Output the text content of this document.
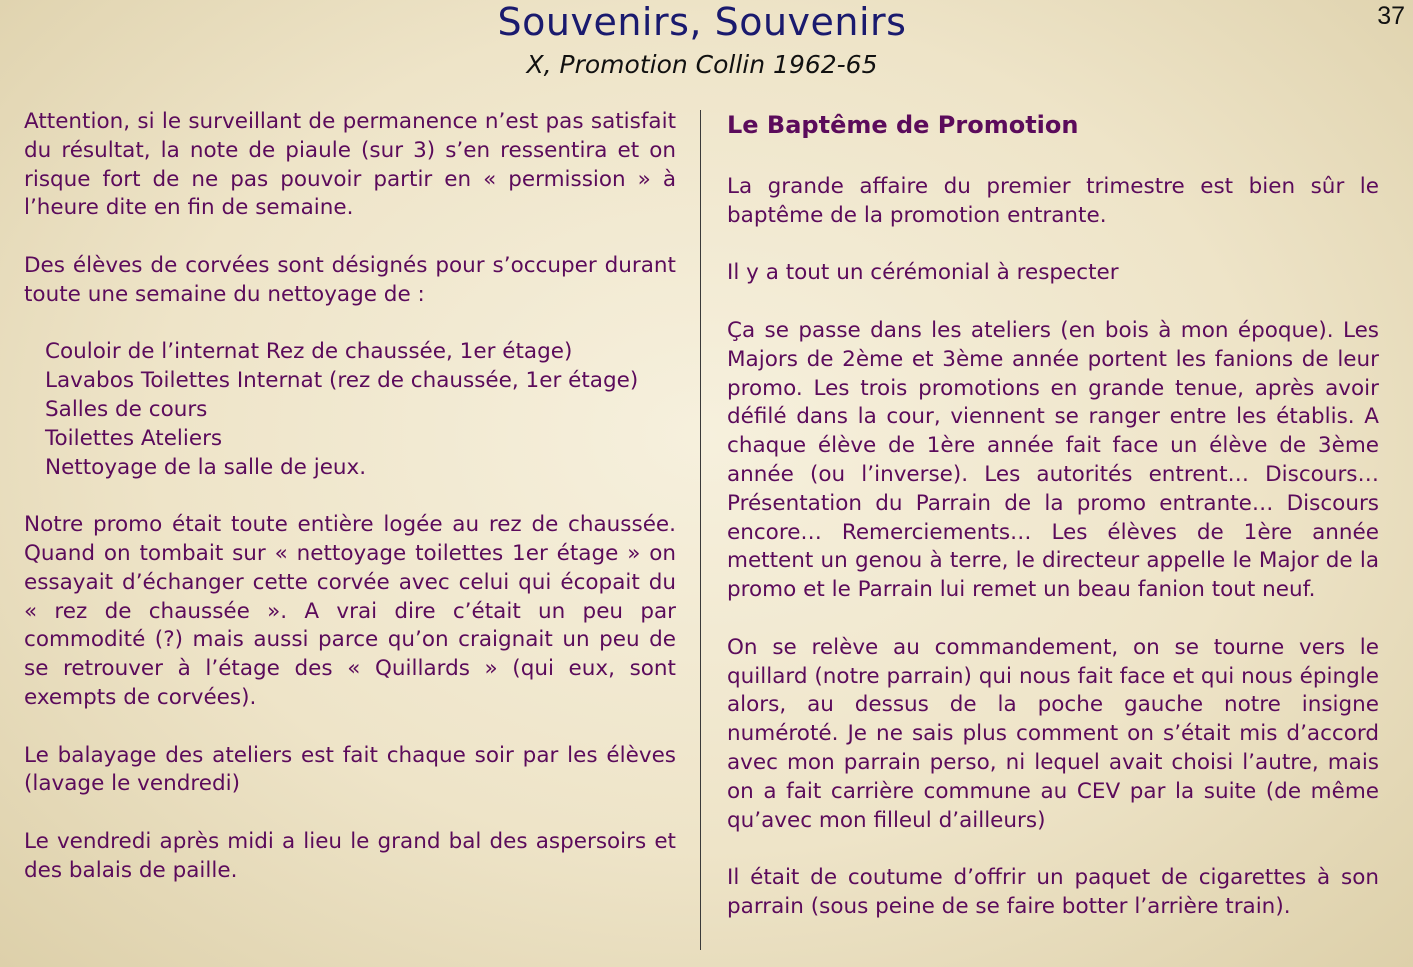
Souvenirs, Souvenirs
X, Promotion Collin 1962-65
37

Attention, si le surveillant de permanence n’est pas satisfait du résultat, la note de piaule (sur 3) s’en ressentira et on risque fort de ne pas pouvoir partir en « permission » à l’heure dite en fin de semaine.

Des élèves de corvées sont désignés pour s’occuper durant toute une semaine du nettoyage de :

Couloir de l’internat Rez de chaussée, 1er étage)
Lavabos Toilettes Internat (rez de chaussée, 1er étage)
Salles de cours
Toilettes Ateliers
Nettoyage de la salle de jeux.

Notre promo était toute entière logée au rez de chaussée. Quand on tombait sur « nettoyage toilettes 1er étage » on essayait d’échanger cette corvée avec celui qui écopait du « rez de chaussée ». A vrai dire c’était un peu par commodité (?) mais aussi parce qu’on craignait un peu de se retrouver à l’étage des « Quillards » (qui eux, sont exempts de corvées).

Le balayage des ateliers est fait chaque soir par les élèves (lavage le vendredi)

Le vendredi après midi a lieu le grand bal des aspersoirs et des balais de paille.

Le Baptême de Promotion

La grande affaire du premier trimestre est bien sûr le baptême de la promotion entrante.

Il y a tout un cérémonial à respecter

Ça se passe dans les ateliers (en bois à mon époque). Les Majors de 2ème et 3ème année portent les fanions de leur promo. Les trois promotions en grande tenue, après avoir défilé dans la cour, viennent se ranger entre les établis. A chaque élève de 1ère année fait face un élève de 3ème année (ou l’inverse). Les autorités entrent… Discours… Présentation du Parrain de la promo entrante… Discours encore… Remerciements… Les élèves de 1ère année mettent un genou à terre, le directeur appelle le Major de la promo et le Parrain lui remet un beau fanion tout neuf.

On se relève au commandement, on se tourne vers le quillard (notre parrain) qui nous fait face et qui nous épingle alors, au dessus de la poche gauche notre insigne numéroté. Je ne sais plus comment on s’était mis d’accord avec mon parrain perso, ni lequel avait choisi l’autre, mais on a fait carrière commune au CEV par la suite (de même qu’avec mon filleul d’ailleurs)

Il était de coutume d’offrir un paquet de cigarettes à son parrain (sous peine de se faire botter l’arrière train).
